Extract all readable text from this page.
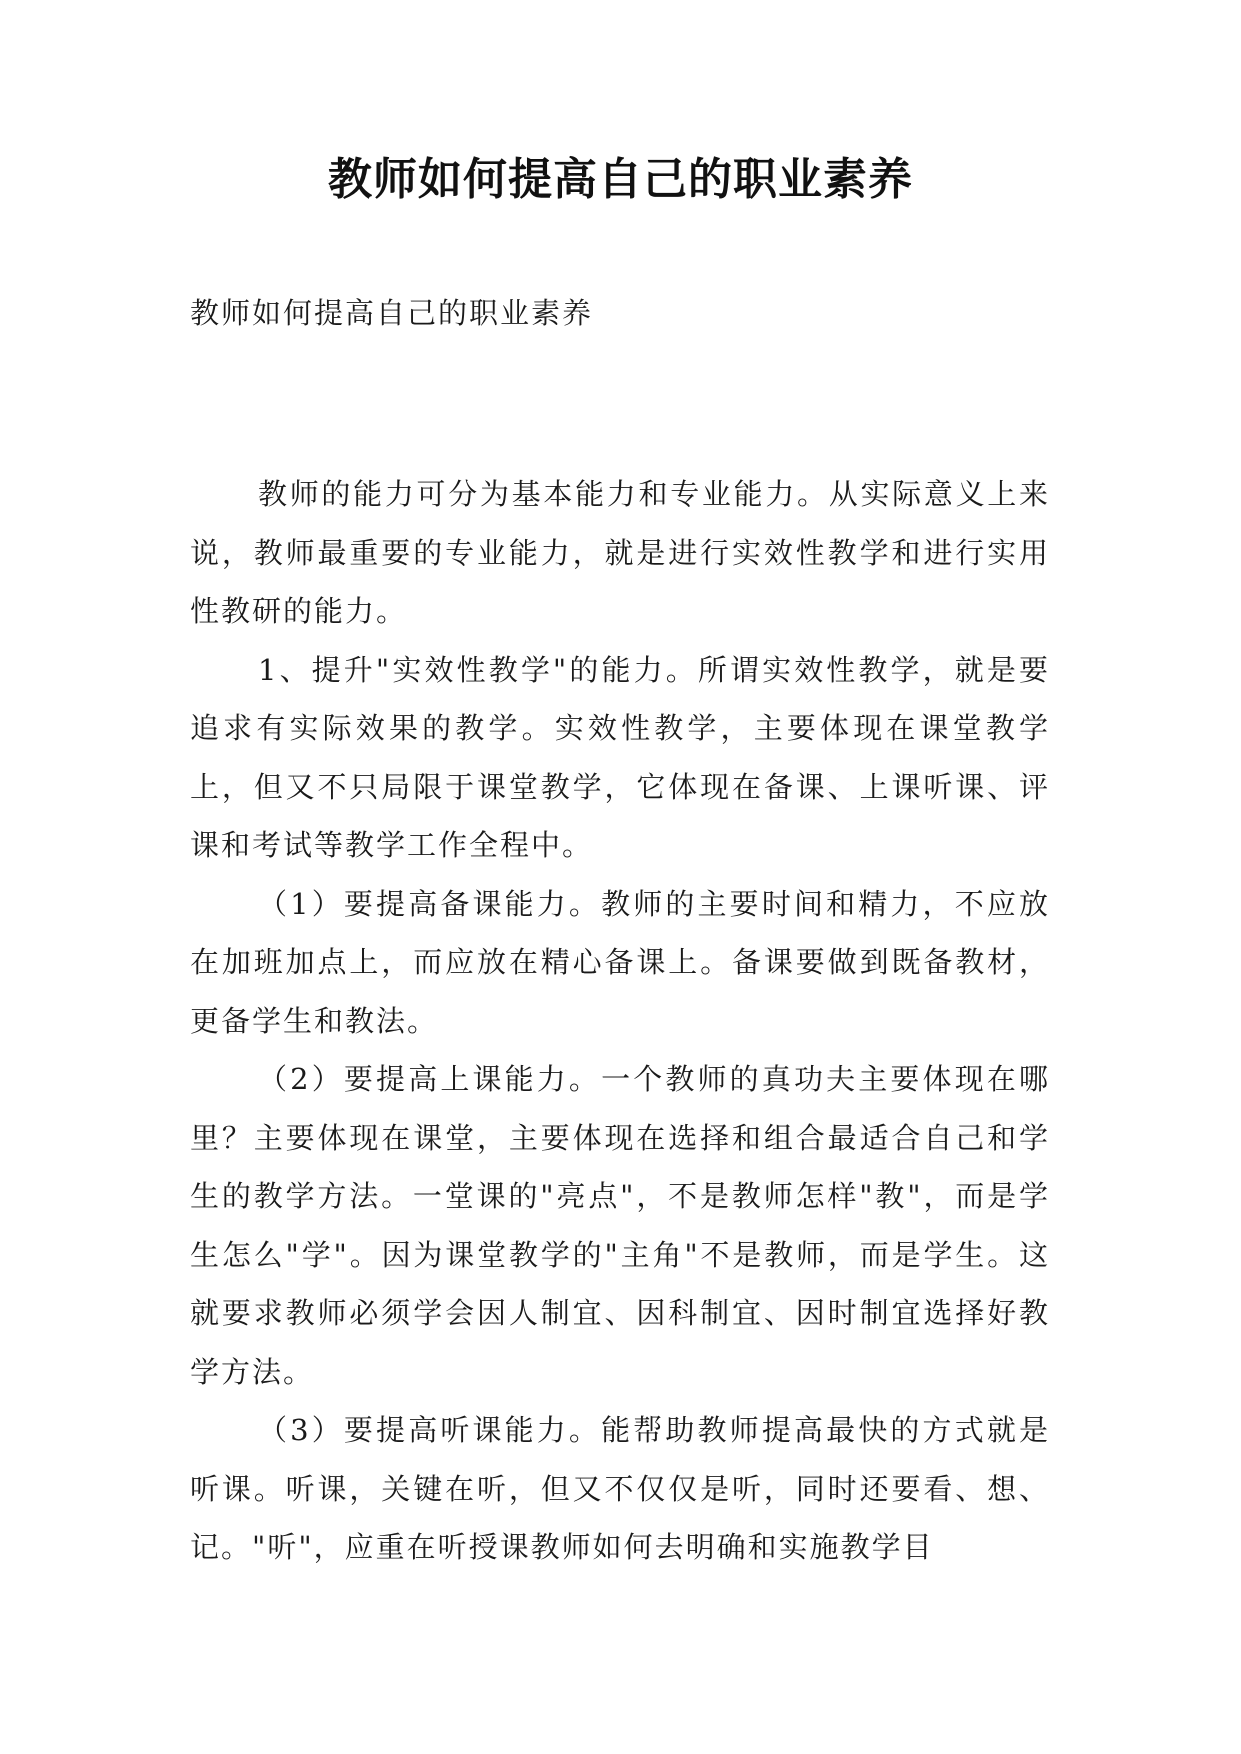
教师如何提高自己的职业素养
教师如何提高自己的职业素养

教师的能力可分为基本能力和专业能力。从实际意义上来说，教师最重要的专业能力，就是进行实效性教学和进行实用性教研的能力。

1、提升"实效性教学"的能力。所谓实效性教学，就是要追求有实际效果的教学。实效性教学，主要体现在课堂教学上，但又不只局限于课堂教学，它体现在备课、上课听课、评课和考试等教学工作全程中。

（1）要提高备课能力。教师的主要时间和精力，不应放在加班加点上，而应放在精心备课上。备课要做到既备教材，更备学生和教法。

（2）要提高上课能力。一个教师的真功夫主要体现在哪里？主要体现在课堂，主要体现在选择和组合最适合自己和学生的教学方法。一堂课的"亮点"，不是教师怎样"教"，而是学生怎么"学"。因为课堂教学的"主角"不是教师，而是学生。这就要求教师必须学会因人制宜、因科制宜、因时制宜选择好教学方法。

（3）要提高听课能力。能帮助教师提高最快的方式就是听课。听课，关键在听，但又不仅仅是听，同时还要看、想、记。"听"，应重在听授课教师如何去明确和实施教学目
